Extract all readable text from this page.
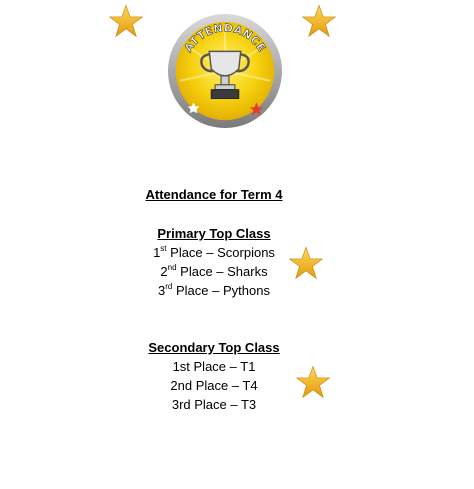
ATTENDANCE
Attendance for Term 4
Primary Top Class
1st Place – Scorpions
2nd Place – Sharks
3rd Place – Pythons
Secondary Top Class
1st Place – T1
2nd Place – T4
3rd Place – T3
